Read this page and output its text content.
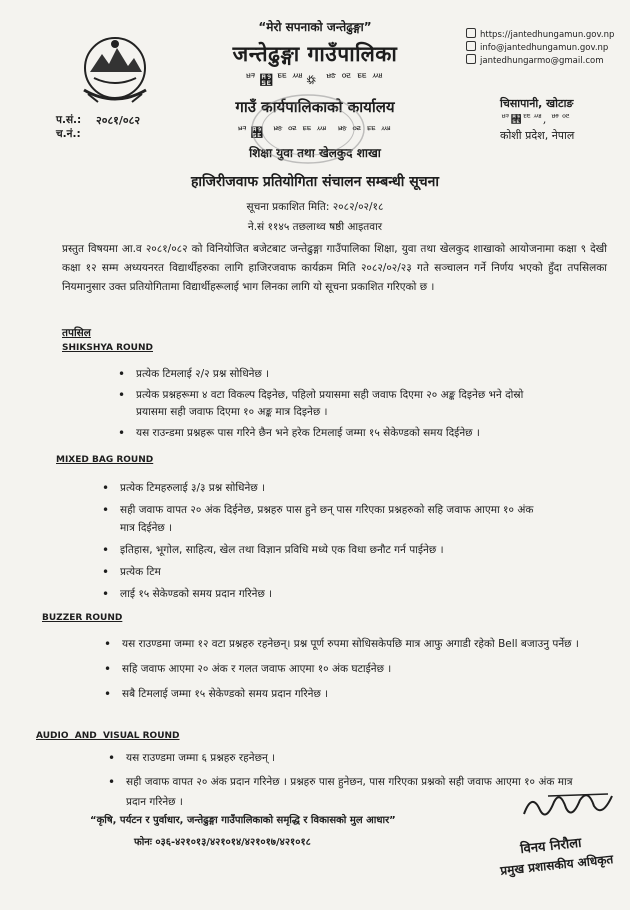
“मेरो सपनाको जन्तेढुङ्गा”
जन्तेढुङ्गा गाउँपालिका
ꥳ꥞ꥹꥵ꥟ ꥴꥶꥹꥵ
गाउँ कार्यपालिकाको कार्यालय
ꥳ꥞ ꥴꥶꥹꥵ ꥴꥶꥹꥵ
शिक्षा युवा तथा खेलकुद शाखा
https://jantedhungamun.gov.np
info@jantedhungamun.gov.np
jantedhungarmo@gmail.com
प.सं.:
च.नं.:
२०८१/०८२
चिसापानी, खोटाङ
ꥳ꥞ꥹꥵ, ꥴꥶ
कोशी प्रदेश, नेपाल
हाजिरीजवाफ प्रतियोगिता संचालन सम्बन्धी सूचना
सूचना प्रकाशित मिति: २०८२/०२/१८
ने.सं ११४५ तछलाथ्व षष्ठी आइतवार
प्रस्तुत विषयमा आ.व २०८१/०८२ को विनियोजित बजेटबाट जन्तेढुङ्गा गाउँपालिका शिक्षा, युवा तथा खेलकुद शाखाको आयोजनामा कक्षा ९ देखी कक्षा १२ सम्म अध्ययनरत विद्यार्थीहरुका लागि हाजिरजवाफ कार्यक्रम मिति २०८२/०२/२३ गते सञ्चालन गर्ने निर्णय भएको हुँदा तपसिलका नियमानुसार उक्त प्रतियोगितामा विद्यार्थीहरूलाई भाग लिनका लागि यो सूचना प्रकाशित गरिएको छ ।
तपसिल
SHIKSHYA ROUND
• प्रत्येक टिमलाई २/२ प्रश्न सोधिनेछ ।
• प्रत्येक प्रश्नहरूमा ४ वटा विकल्प दिइनेछ, पहिलो प्रयासमा सही जवाफ दिएमा २० अङ्क दिइनेछ भने दोस्रो प्रयासमा सही जवाफ दिएमा १० अङ्क मात्र दिइनेछ ।
• यस राउन्डमा प्रश्नहरू पास गरिने छैन भने हरेक टिमलाई जम्मा १५ सेकेण्डको समय दिईनेछ ।
MIXED BAG ROUND
• प्रत्येक टिमहरुलाई ३/३ प्रश्न सोधिनेछ ।
• सही जवाफ वापत २० अंक दिईनेछ, प्रश्नहरु पास हुने छन् पास गरिएका प्रश्नहरुको सहि जवाफ आएमा १० अंक मात्र दिईनेछ ।
• इतिहास, भूगोल, साहित्य, खेल तथा विज्ञान प्रविधि मध्ये एक विधा छनौट गर्न पाईनेछ ।
• प्रत्येक टिम
• लाई १५ सेकेण्डको समय प्रदान गरिनेछ ।
BUZZER ROUND
• यस राउण्डमा जम्मा १२ वटा प्रश्नहरु रहनेछन्। प्रश्न पूर्ण रुपमा सोधिसकेपछि मात्र आफु अगाडी रहेको Bell बजाउनु पर्नेछ ।
• सहि जवाफ आएमा २० अंक र गलत जवाफ आएमा १० अंक घटाईनेछ ।
• सबै टिमलाई जम्मा १५ सेकेण्डको समय प्रदान गरिनेछ ।
AUDIO  AND  VISUAL ROUND
• यस राउण्डमा जम्मा ६ प्रश्नहरु रहनेछन् ।
• सही जवाफ वापत २० अंक प्रदान गरिनेछ । प्रश्नहरु पास हुनेछन, पास गरिएका प्रश्नको सही जवाफ आएमा १० अंक मात्र प्रदान गरिनेछ ।
“कृषि, पर्यटन र पुर्वाधार, जन्तेढुङ्गा गाउँपालिकाको समृद्धि र विकासको मुल आधार”
फोनः ०३६-४२१०१३/४२१०१४/४२१०१७/४२१०१८	विनय निरौला
प्रमुख प्रशासकीय अधिकृत
